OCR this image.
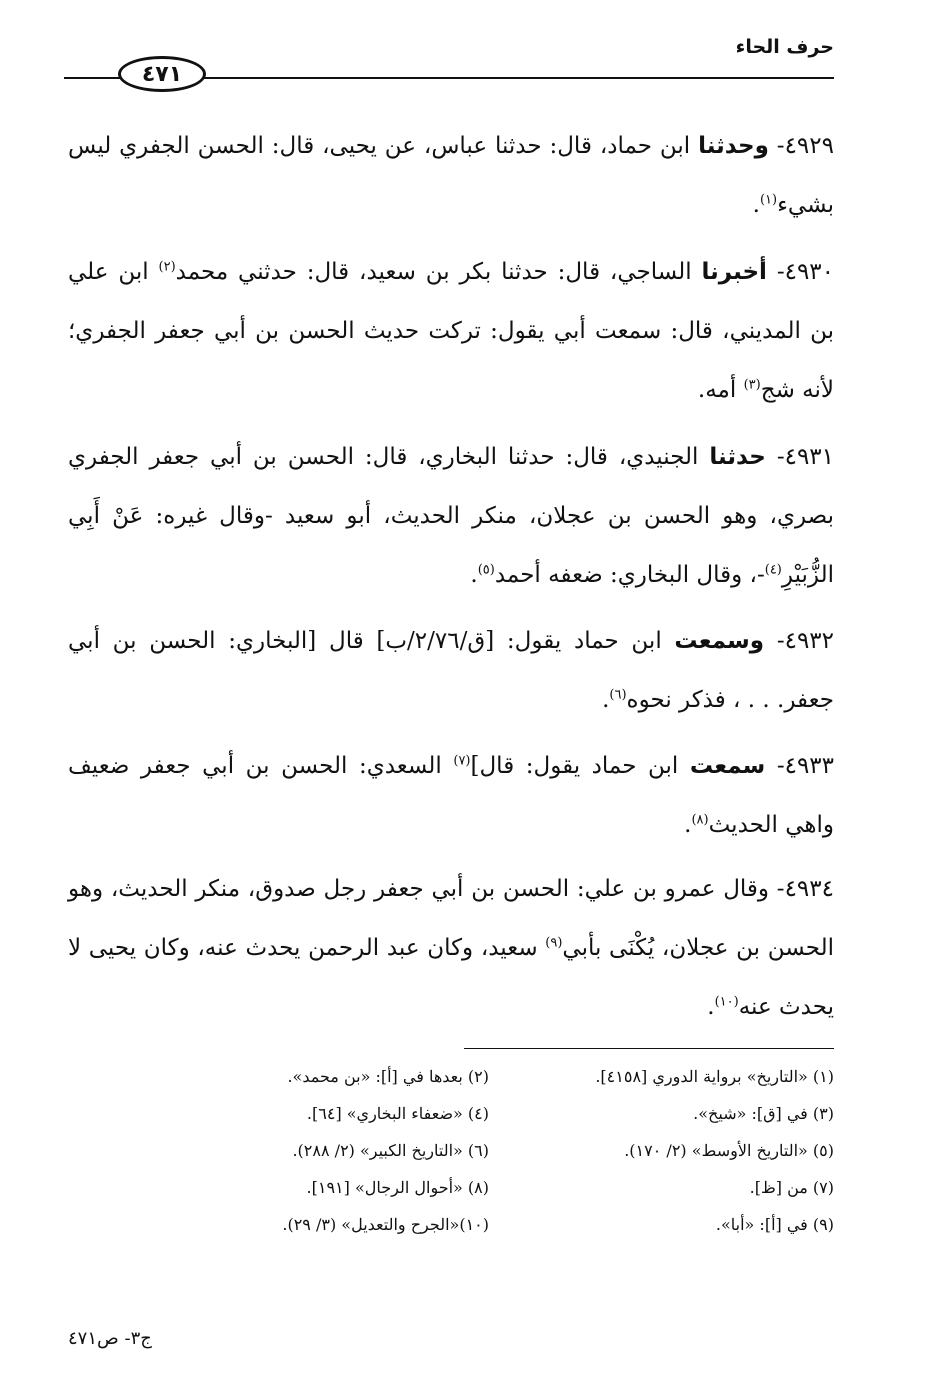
حرف الحاء
٤٧١

٤٩٢٩- وحدثنا ابن حماد، قال: حدثنا عباس، عن يحيى، قال: الحسن الجفري ليس بشيء$^{(١)}$.

٤٩٣٠- أخبرنا الساجي، قال: حدثنا بكر بن سعيد، قال: حدثني محمد$^{(٢)}$ ابن علي بن المديني، قال: سمعت أبي يقول: تركت حديث الحسن بن أبي جعفر الجفري؛ لأنه شج$^{(٣)}$ أمه.

٤٩٣١- حدثنا الجنيدي، قال: حدثنا البخاري، قال: الحسن بن أبي جعفر الجفري بصري، وهو الحسن بن عجلان، منكر الحديث، أبو سعيد -وقال غيره: عَنْ أَبِي الزُّبَيْرِ$^{(٤)}$-، وقال البخاري: ضعفه أحمد$^{(٥)}$.

٤٩٣٢- وسمعت ابن حماد يقول: [ق/٢/٧٦/ب] قال [البخاري: الحسن بن أبي جعفر. . . ، فذكر نحوه$^{(٦)}$.

٤٩٣٣- سمعت ابن حماد يقول: قال]$^{(٧)}$ السعدي: الحسن بن أبي جعفر ضعيف واهي الحديث$^{(٨)}$.

٤٩٣٤- وقال عمرو بن علي: الحسن بن أبي جعفر رجل صدوق، منكر الحديث، وهو الحسن بن عجلان، يُكْنَى بأبي$^{(٩)}$ سعيد، وكان عبد الرحمن يحدث عنه، وكان يحيى لا يحدث عنه$^{(١٠)}$.

(١) «التاريخ» برواية الدوري [٤١٥٨].
(٢) بعدها في [أ]: «بن محمد».
(٣) في [ق]: «شيخ».
(٤) «ضعفاء البخاري» [٦٤].
(٥) «التاريخ الأوسط» (٢/ ١٧٠).
(٦) «التاريخ الكبير» (٢/ ٢٨٨).
(٧) من [ظ].
(٨) «أحوال الرجال» [١٩١].
(٩) في [أ]: «أبا».
(١٠)«الجرح والتعديل» (٣/ ٢٩).
ج٣- ص٤٧١
